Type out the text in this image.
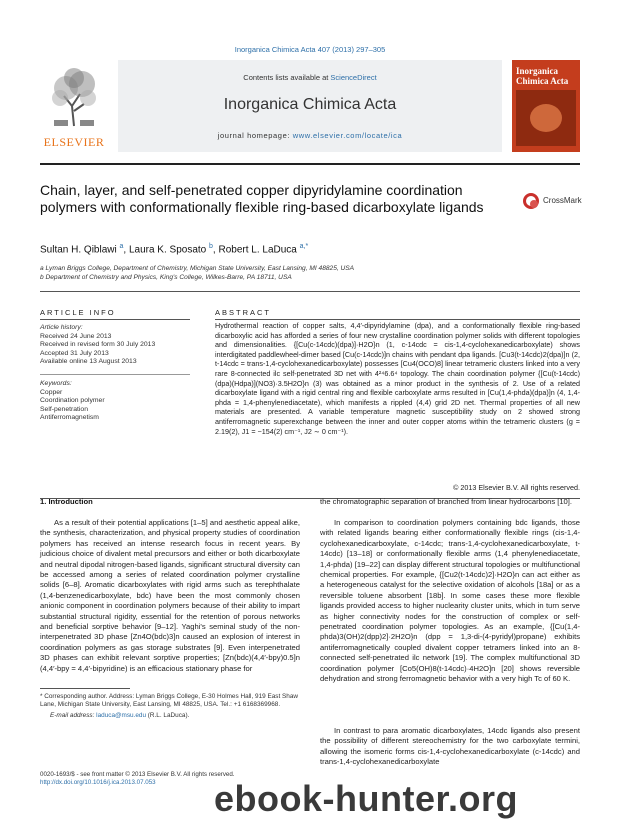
Inorganica Chimica Acta 407 (2013) 297–305
ELSEVIER
Contents lists available at ScienceDirect
Inorganica Chimica Acta
journal homepage: www.elsevier.com/locate/ica
Inorganica Chimica Acta
Chain, layer, and self-penetrated copper dipyridylamine coordination polymers with conformationally flexible ring-based dicarboxylate ligands	CrossMark
Sultan H. Qiblawi $^a$, Laura K. Sposato $^b$, Robert L. LaDuca $^{a,*}$
a Lyman Briggs College, Department of Chemistry, Michigan State University, East Lansing, MI 48825, USA
b Department of Chemistry and Physics, King's College, Wilkes-Barre, PA 18711, USA
ARTICLE INFO	ABSTRACT
Article history:
Received 24 June 2013
Received in revised form 30 July 2013
Accepted 31 July 2013
Available online 13 August 2013
Keywords:
Copper
Coordination polymer
Self-penetration
Antiferromagnetism
Hydrothermal reaction of copper salts, 4,4′-dipyridylamine (dpa), and a conformationally flexible ring-based dicarboxylic acid has afforded a series of four new crystalline coordination polymer solids with different topologies and dimensionalities. {[Cu(c-14cdc)(dpa)]·H2O}n (1, c-14cdc = cis-1,4-cyclohexanedicarboxylate) shows interdigitated paddlewheel-dimer based [Cu(c-14cdc)]n chains with pendant dpa ligands. [Cu3(t-14cdc)2(dpa)]n (2, t-14cdc = trans-1,4-cyclohexanedicarboxylate) possesses [Cu4(OCO)8] linear tetrameric clusters linked into a very rare 8-connected ilc self-penetrated 3D net with 4²⁴6.6⁴ topology. The chain coordination polymer {[Cu(t-14cdc)(dpa)(Hdpa)](NO3)·3.5H2O}n (3) was obtained as a minor product in the synthesis of 2. Use of a related dicarboxylate ligand with a rigid central ring and flexible carboxylate arms resulted in [Cu(1,4-phda)(dpa)]n (4, 1,4-phda = 1,4-phenylenediacetate), which manifests a rippled (4,4) grid 2D net. Thermal properties of all new materials are presented. A variable temperature magnetic susceptibility study on 2 showed strong antiferromagnetic superexchange between the inner and outer copper atoms within the tetrameric clusters (g = 2.19(2), J1 = −154(2) cm⁻¹, J2 ∼ 0 cm⁻¹).
© 2013 Elsevier B.V. All rights reserved.
1. Introduction
As a result of their potential applications [1–5] and aesthetic appeal alike, the synthesis, characterization, and physical property studies of coordination polymers has received an intense research focus in recent years. By judicious choice of divalent metal precursors and either or both dicarboxylate and neutral dipodal nitrogen-based ligands, significant structural diversity can be accessed among a series of related coordination polymer crystalline solids [6–8]. Aromatic dicarboxylates with rigid arms such as terephthalate (1,4-benzenedicarboxylate, bdc) have been the most commonly chosen anionic component in coordination polymers because of their ability to impart substantial structural rigidity, essential for the retention of porous networks and beneficial sorptive behavior [9–12]. Yaghi's seminal study of the non-interpenetrated 3D phase [Zn4O(bdc)3]n caused an explosion of interest in coordination polymers as gas storage substrates [9]. Even interpenetrated 3D phases can exhibit relevant sorptive properties; [Zn(bdc)(4,4′-bpy)0.5]n (4,4′-bpy = 4,4′-bipyridine) is an efficacious stationary phase for
the chromatographic separation of branched from linear hydrocarbons [10].
In comparison to coordination polymers containing bdc ligands, those with related ligands bearing either conformationally flexible rings (cis-1,4-cyclohexanedicarboxylate, c-14cdc; trans-1,4-cyclohexanedicarboxylate, t-14cdc) [13–18] or conformationally flexible arms (1,4 phenylenediacetate, 1,4-phda) [19–22] can display different structural topologies or multifunctional chemical properties. For example, {[Cu2(t-14cdc)2]·H2O}n can act either as a heterogeneous catalyst for the selective oxidation of alcohols [18a] or as a reversible toluene absorbent [18b]. In some cases these more flexible ligands provided access to higher nuclearity cluster units, which in turn serve as higher connectivity nodes for the construction of complex or self-penetrated coordination polymer topologies. As an example, {[Cu(1,4-phda)3(OH)2(dpp)2]·2H2O}n (dpp = 1,3-di-(4-pyridyl)propane) exhibits antiferromagnetically coupled divalent copper tetramers linked into an 8-connected self-penetrated ilc network [19]. The complex multifunctional 3D coordination polymer [Co5(OH)8(t-14cdc)·4H2O]n [20] shows reversible dehydration and strong ferromagnetic behavior with a very high Tc of 60 K.
In contrast to para aromatic dicarboxylates, 14cdc ligands also present the possibility of different stereochemistry for the two carboxylate termini, allowing the isomeric forms cis-1,4-cyclohexanedicarboxylate (c-14cdc) and trans-1,4-cyclohexanedicarboxylate
* Corresponding author. Address: Lyman Briggs College, E-30 Holmes Hall, 919 East Shaw Lane, Michigan State University, East Lansing, MI 48825, USA. Tel.: +1 6168369968.
E-mail address: laduca@msu.edu (R.L. LaDuca).
0020-1693/$ - see front matter © 2013 Elsevier B.V. All rights reserved.
http://dx.doi.org/10.1016/j.ica.2013.07.053	ebook-hunter.org
